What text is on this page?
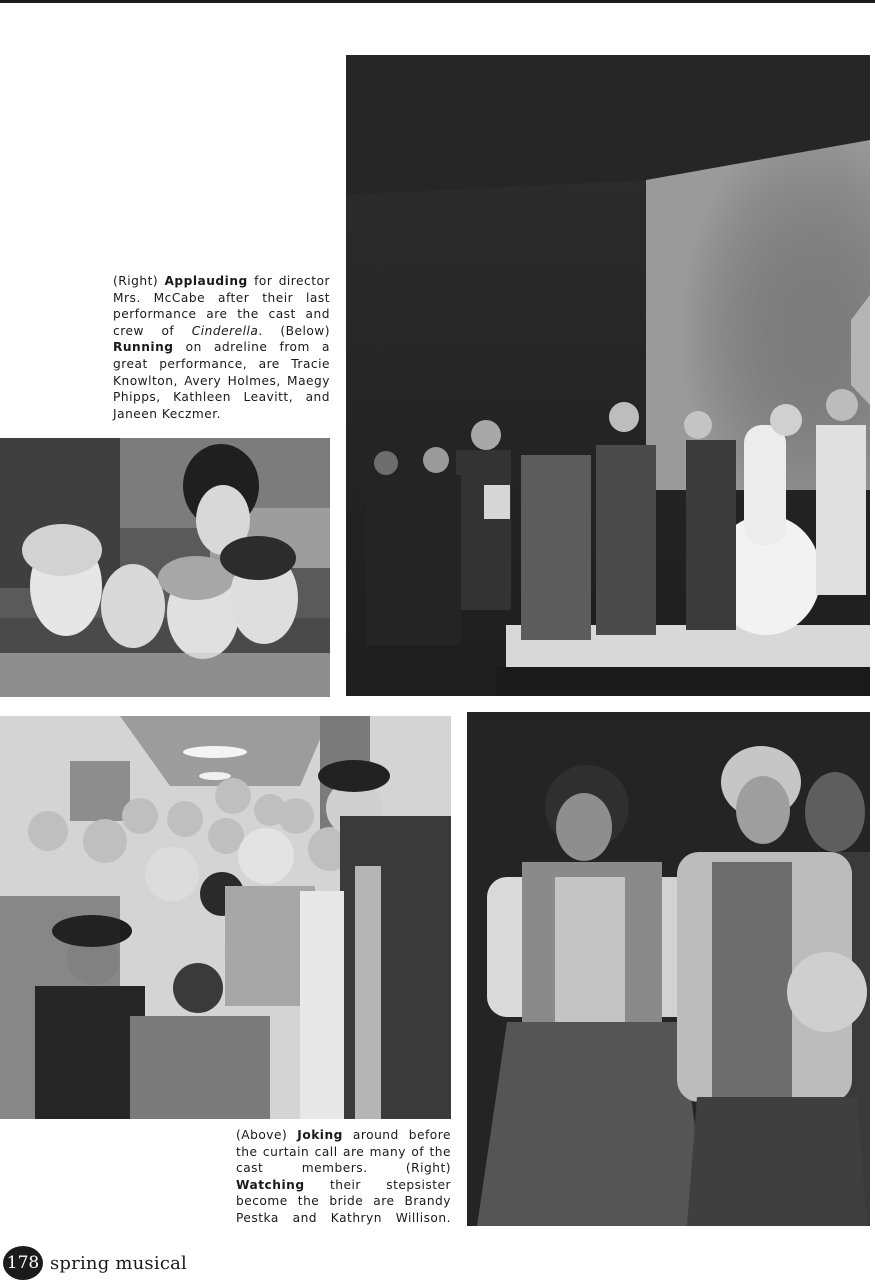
(Right) Applauding for director Mrs. McCabe after their last performance are the cast and crew of Cinderella. (Below) Running on adreline from a great performance, are Tracie Knowlton, Avery Holmes, Maegy Phipps, Kathleen Leavitt, and Janeen Keczmer.
(Above) Joking around before the curtain call are many of the cast members. (Right) Watching their stepsister become the bride are Brandy Pestka and Kathryn Willison.
178 spring musical
